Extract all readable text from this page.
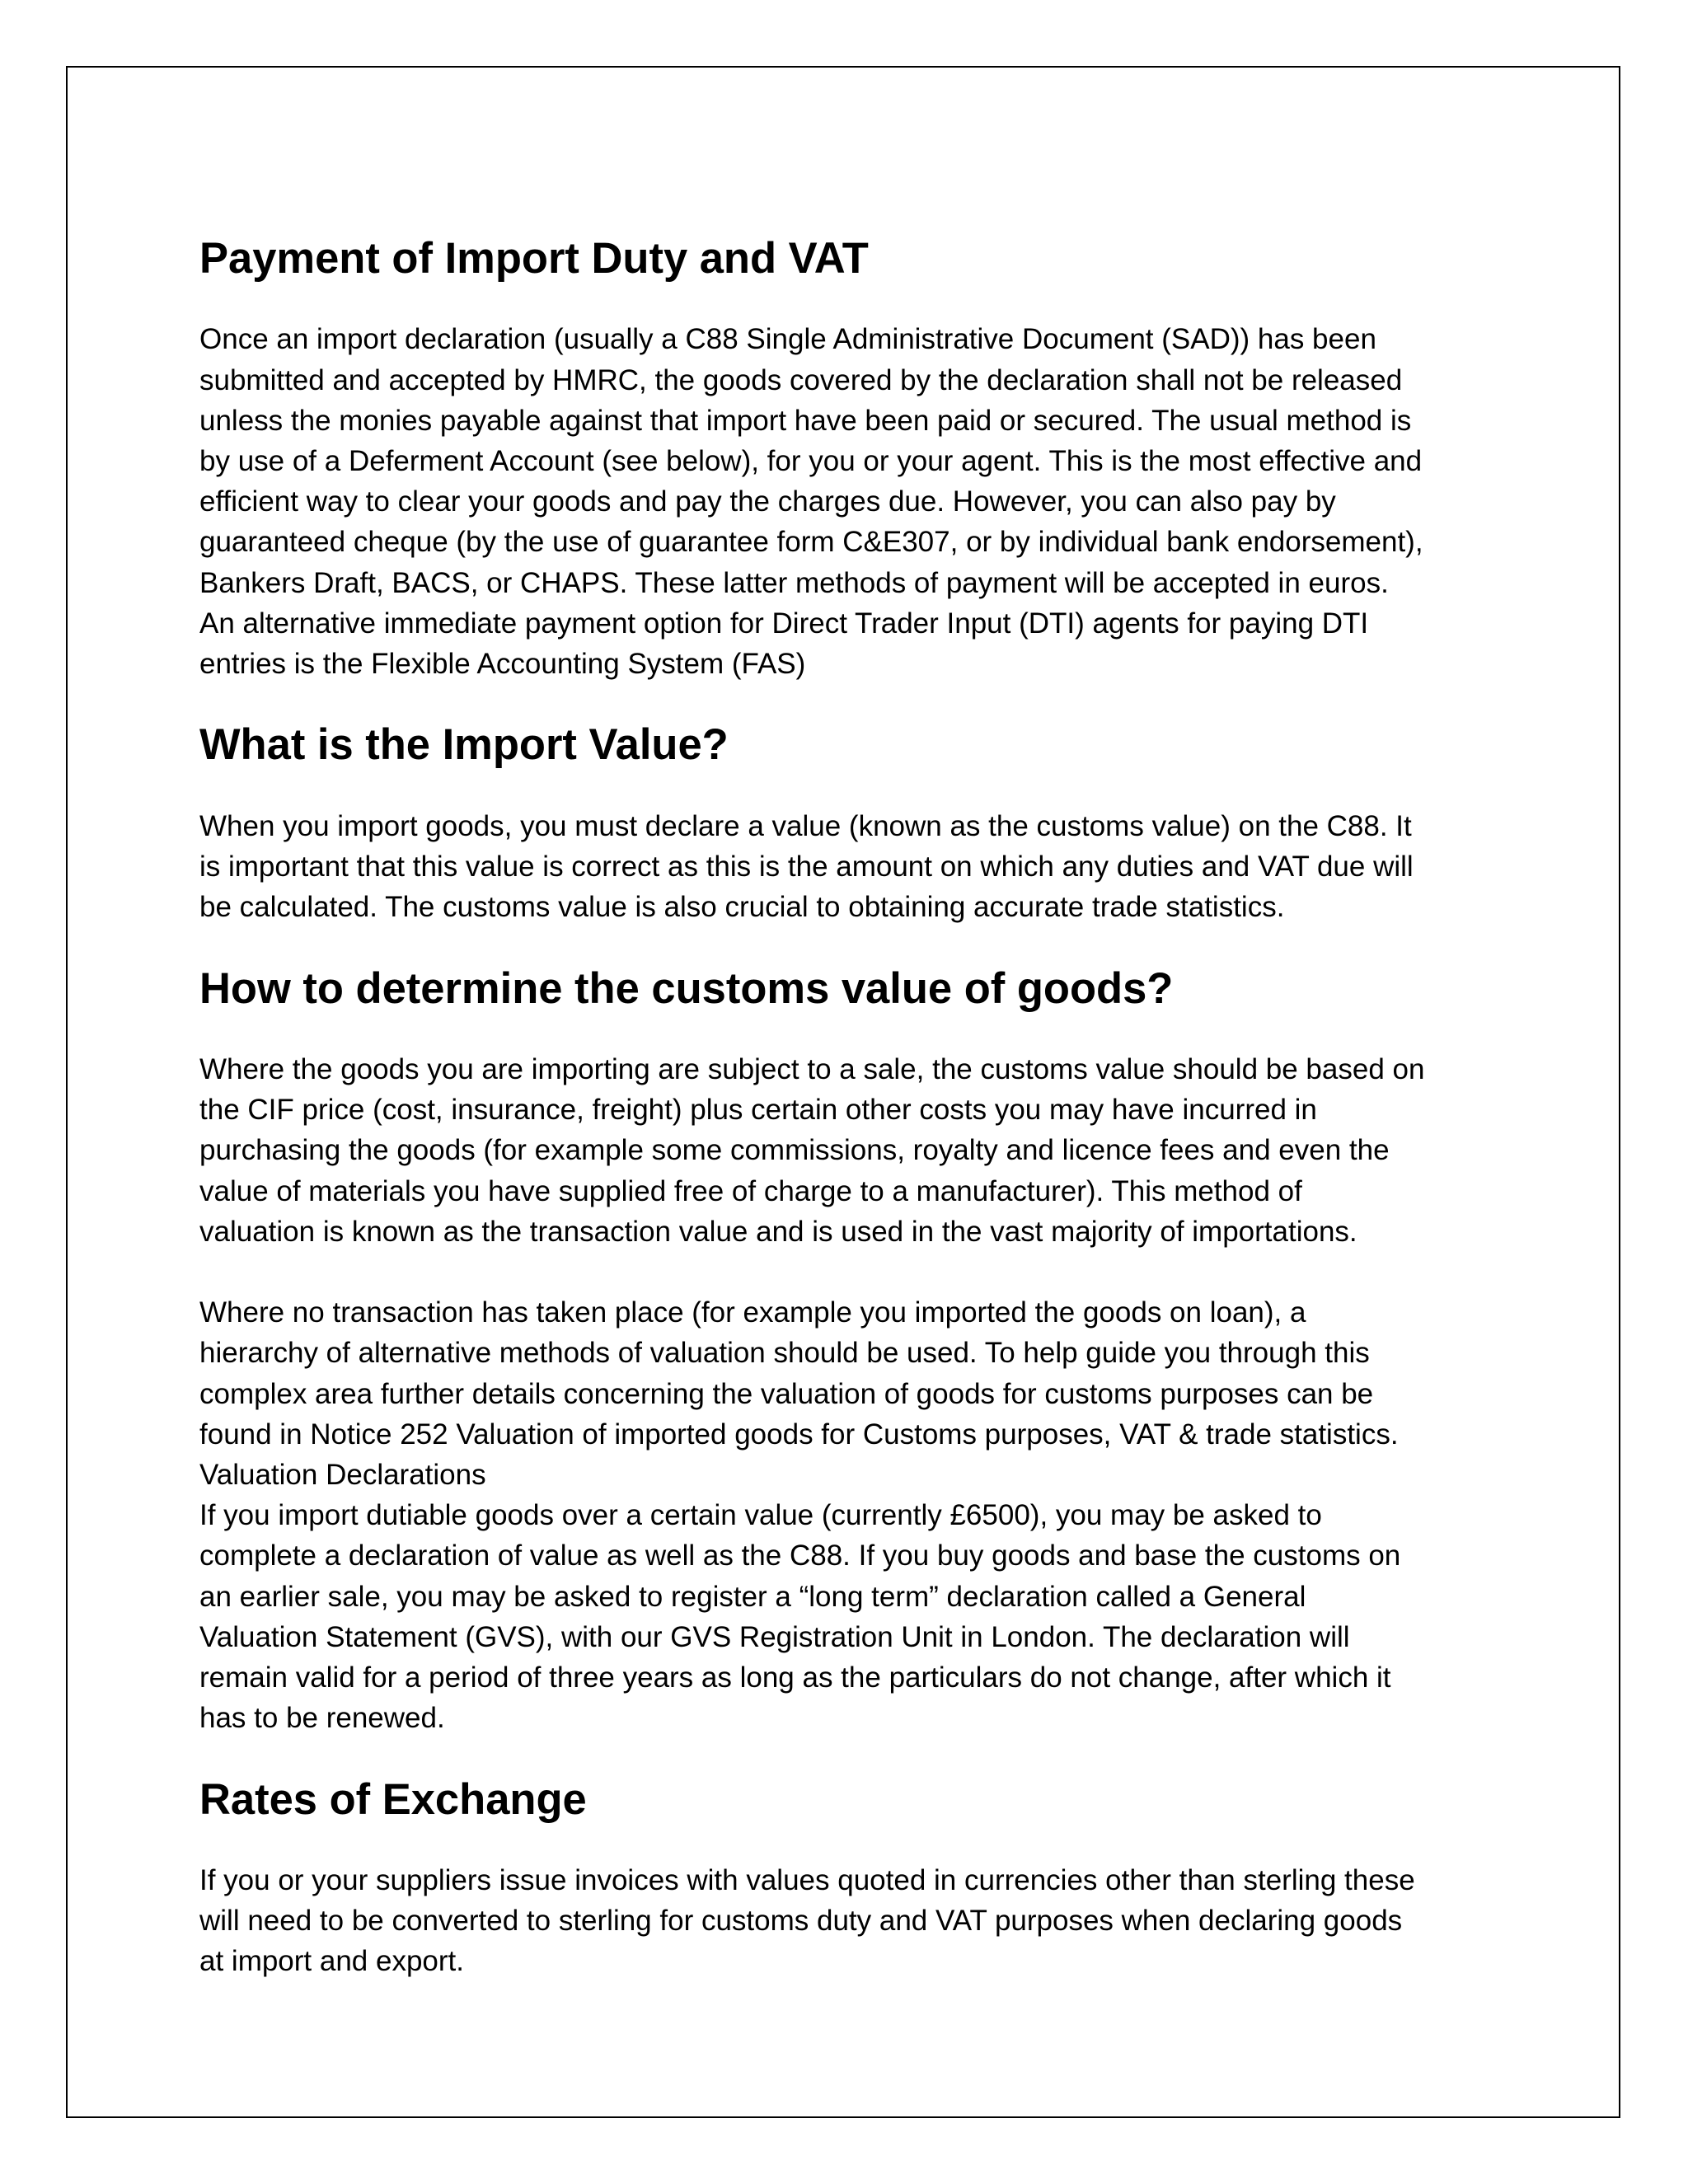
Payment of Import Duty and VAT

Once an import declaration (usually a C88 Single Administrative Document (SAD)) has been
submitted and accepted by HMRC, the goods covered by the declaration shall not be released
unless the monies payable against that import have been paid or secured. The usual method is
by use of a Deferment Account (see below), for you or your agent. This is the most effective and
efficient way to clear your goods and pay the charges due. However, you can also pay by
guaranteed cheque (by the use of guarantee form C&E307, or by individual bank endorsement),
Bankers Draft, BACS, or CHAPS. These latter methods of payment will be accepted in euros.
An alternative immediate payment option for Direct Trader Input (DTI) agents for paying DTI
entries is the Flexible Accounting System (FAS)

What is the Import Value?

When you import goods, you must declare a value (known as the customs value) on the C88. It
is important that this value is correct as this is the amount on which any duties and VAT due will
be calculated. The customs value is also crucial to obtaining accurate trade statistics.

How to determine the customs value of goods?

Where the goods you are importing are subject to a sale, the customs value should be based on
the CIF price (cost, insurance, freight) plus certain other costs you may have incurred in
purchasing the goods (for example some commissions, royalty and licence fees and even the
value of materials you have supplied free of charge to a manufacturer). This method of
valuation is known as the transaction value and is used in the vast majority of importations.

Where no transaction has taken place (for example you imported the goods on loan), a
hierarchy of alternative methods of valuation should be used. To help guide you through this
complex area further details concerning the valuation of goods for customs purposes can be
found in Notice 252 Valuation of imported goods for Customs purposes, VAT & trade statistics.
Valuation Declarations
If you import dutiable goods over a certain value (currently £6500), you may be asked to
complete a declaration of value as well as the C88. If you buy goods and base the customs on
an earlier sale, you may be asked to register a “long term” declaration called a General
Valuation Statement (GVS), with our GVS Registration Unit in London. The declaration will
remain valid for a period of three years as long as the particulars do not change, after which it
has to be renewed.

Rates of Exchange

If you or your suppliers issue invoices with values quoted in currencies other than sterling these
will need to be converted to sterling for customs duty and VAT purposes when declaring goods
at import and export.
